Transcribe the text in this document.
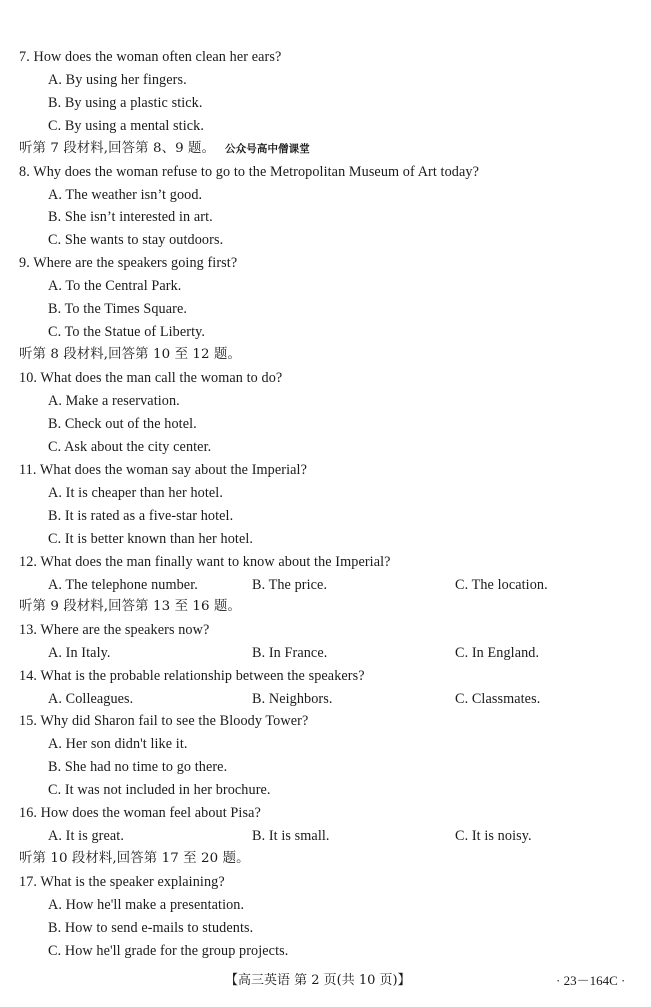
7. How does the woman often clean her ears?
A. By using her fingers.
B. By using a plastic stick.
C. By using a mental stick.
听第 7 段材料,回答第 8、9 题。 公众号高中僧课堂
8. Why does the woman refuse to go to the Metropolitan Museum of Art today?
A. The weather isn’t good.
B. She isn’t interested in art.
C. She wants to stay outdoors.
9. Where are the speakers going first?
A. To the Central Park.
B. To the Times Square.
C. To the Statue of Liberty.
听第 8 段材料,回答第 10 至 12 题。
10. What does the man call the woman to do?
A. Make a reservation.
B. Check out of the hotel.
C. Ask about the city center.
11. What does the woman say about the Imperial?
A. It is cheaper than her hotel.
B. It is rated as a five-star hotel.
C. It is better known than her hotel.
12. What does the man finally want to know about the Imperial?
A. The telephone number.	B. The price.	C. The location.
听第 9 段材料,回答第 13 至 16 题。
13. Where are the speakers now?
A. In Italy.	B. In France.	C. In England.
14. What is the probable relationship between the speakers?
A. Colleagues.	B. Neighbors.	C. Classmates.
15. Why did Sharon fail to see the Bloody Tower?
A. Her son didn't like it.
B. She had no time to go there.
C. It was not included in her brochure.
16. How does the woman feel about Pisa?
A. It is great.	B. It is small.	C. It is noisy.
听第 10 段材料,回答第 17 至 20 题。
17. What is the speaker explaining?
A. How he'll make a presentation.
B. How to send e-mails to students.
C. How he'll grade for the group projects.
【高三英语 第 2 页(共 10 页)】	· 23－164C ·
